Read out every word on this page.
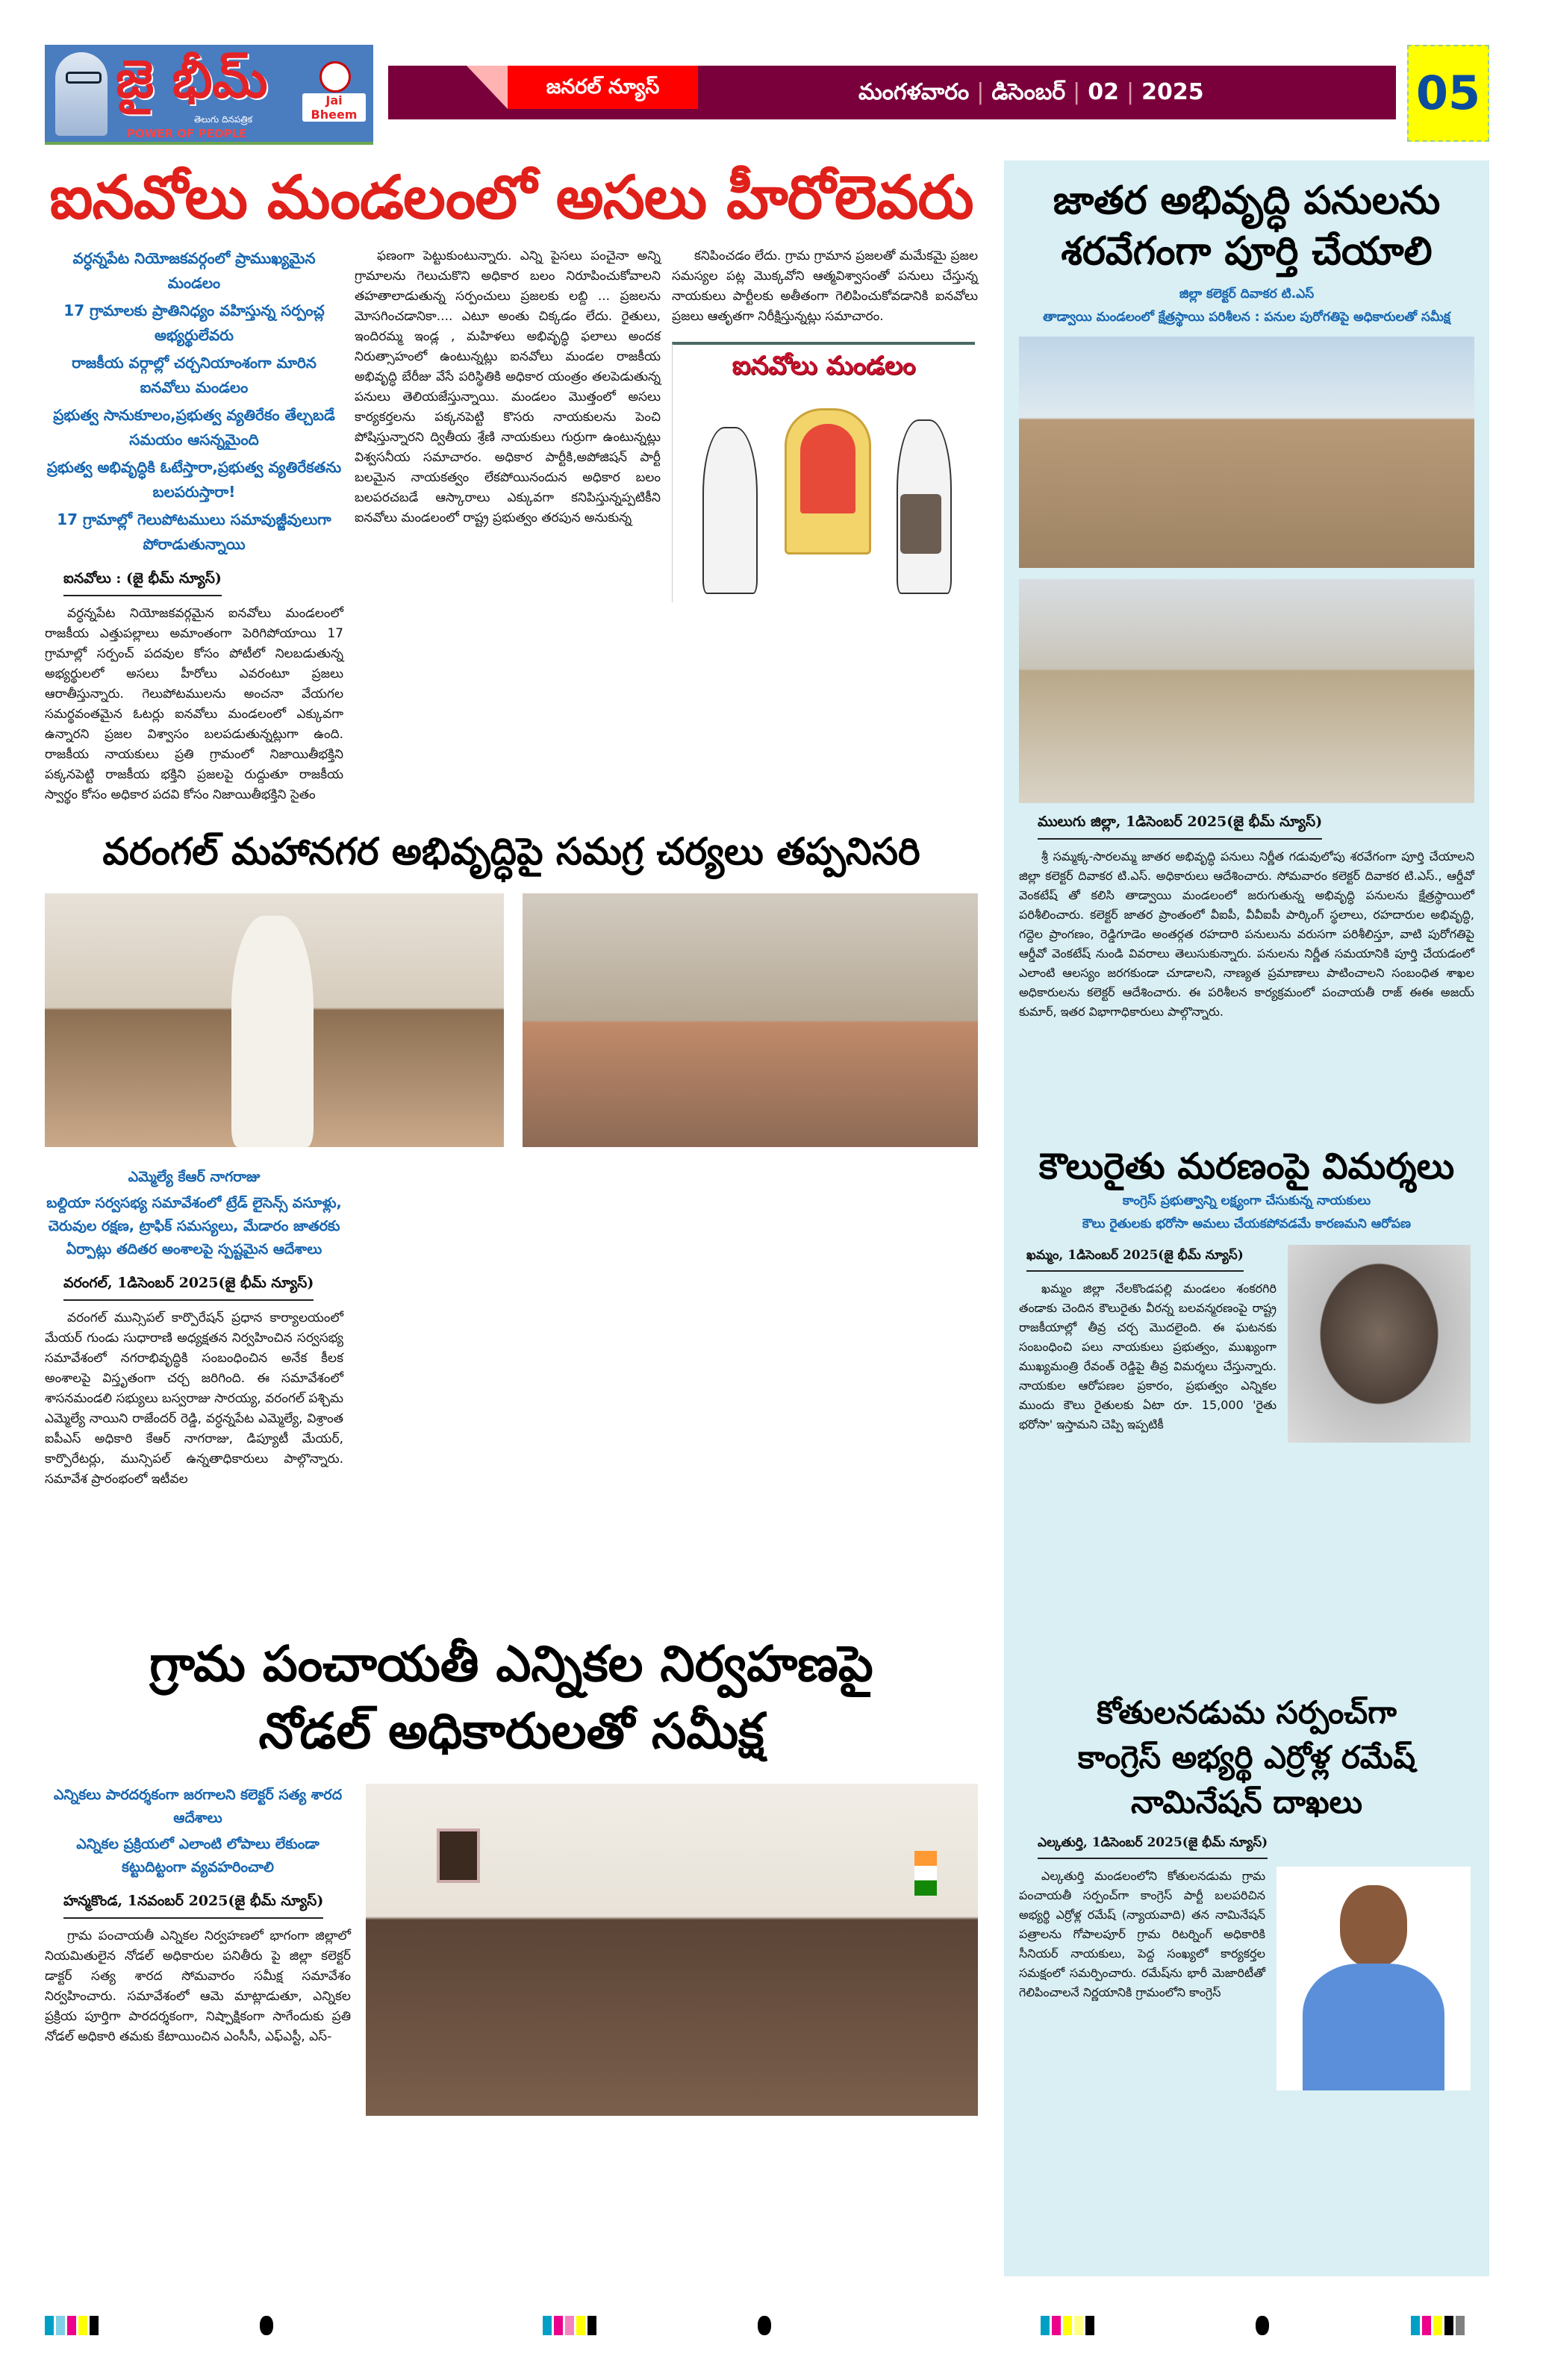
జై భీమ్
తెలుగు దినపత్రిక
POWER OF PEOPLE
Jai Bheem
జనరల్ న్యూస్	మంగళవారం | డిసెంబర్ | 02 | 2025	05
ఐనవోలు మండలంలో అసలు హీరోలెవరు
వర్ధన్నపేట నియోజకవర్గంలో ప్రాముఖ్యమైన మండలం
17 గ్రామాలకు ప్రాతినిధ్యం వహిస్తున్న సర్పంచ్ల అభ్యర్థులేవరు
రాజకీయ వర్గాల్లో చర్చనియాంశంగా మారిన ఐనవోలు మండలం
ప్రభుత్వ సానుకూలం,ప్రభుత్వ వ్యతిరేకం తేల్చబడే సమయం ఆసన్నమైంది
ప్రభుత్వ అభివృద్ధికి ఓటేస్తారా,ప్రభుత్వ వ్యతిరేకతను బలపరుస్తారా!
17 గ్రామాల్లో గెలుపోటములు సమావుజ్జీవులుగా పోరాడుతున్నాయి
ఐనవోలు : (జై భీమ్ న్యూస్)

వర్ధన్నపేట నియోజకవర్గమైన ఐనవోలు మండలంలో రాజకీయ ఎత్తుపల్లాలు అమాంతంగా పెరిగిపోయాయి 17 గ్రామాల్లో సర్పంచ్ పదవుల కోసం పోటీలో నిలబడుతున్న అభ్యర్థులలో అసలు హీరోలు ఎవరంటూ ప్రజలు ఆరాతీస్తున్నారు. గెలుపోటములను అంచనా వేయగల సమర్థవంతమైన ఓటర్లు ఐనవోలు మండలంలో ఎక్కువగా ఉన్నారని ప్రజల విశ్వాసం బలపడుతున్నట్లుగా ఉంది. రాజకీయ నాయకులు ప్రతి గ్రామంలో నిజాయితీభక్తిని పక్కనపెట్టి రాజకీయ భక్తిని ప్రజలపై రుద్దుతూ రాజకీయ స్వార్థం కోసం అధికార పదవి కోసం నిజాయితీభక్తిని సైతం

ఫణంగా పెట్టుకుంటున్నారు. ఎన్ని పైసలు పంచైనా అన్ని గ్రామాలను గెలుచుకొని అధికార బలం నిరూపించుకోవాలని తహతాలాడుతున్న సర్పంచులు ప్రజలకు లబ్ది ... ప్రజలను మోసగించడానికా.... ఎటూ అంతు చిక్కడం లేదు. రైతులు, ఇందిరమ్మ ఇండ్ల , మహిళలు అభివృద్ధి ఫలాలు అందక నిరుత్సాహంలో ఉంటున్నట్లు ఐనవోలు మండల రాజకీయ అభివృద్ధి బేరీజు వేసే పరిస్థితికి అధికార యంత్రం తలపెడుతున్న పనులు తెలియజేస్తున్నాయి. మండలం మొత్తంలో అసలు కార్యకర్తలను పక్కనపెట్టి కొసరు నాయకులను పెంచి పోషిస్తున్నారని ద్వితీయ శ్రేణి నాయకులు గుర్రుగా ఉంటున్నట్లు విశ్వసనీయ సమాచారం. అధికార పార్టీకి,అపోజిషన్ పార్టీ బలమైన నాయకత్వం లేకపోయినందున అధికార బలం బలపరచబడే ఆస్కారాలు ఎక్కువగా కనిపిస్తున్నప్పటికీని ఐనవోలు మండలంలో రాష్ట్ర ప్రభుత్వం తరపున అనుకున్న

కనిపించడం లేదు. గ్రామ గ్రామాన ప్రజలతో మమేకమై ప్రజల సమస్యల పట్ల మొక్కవోని ఆత్మవిశ్వాసంతో పనులు చేస్తున్న నాయకులు పార్టీలకు అతీతంగా గెలిపించుకోవడానికి ఐనవోలు ప్రజలు ఆతృతగా నిరీక్షిస్తున్నట్లు సమాచారం.

ఐనవోలు మండలం
వరంగల్ మహానగర అభివృద్ధిపై సమగ్ర చర్యలు తప్పనిసరి
ఎమ్మెల్యే కేఆర్ నాగరాజు
బల్దియా సర్వసభ్య సమావేశంలో ట్రేడ్ లైసెన్స్ వసూళ్లు, చెరువుల రక్షణ, ట్రాఫిక్ సమస్యలు, మేడారం జాతరకు ఏర్పాట్లు తదితర అంశాలపై స్పష్టమైన ఆదేశాలు
వరంగల్, 1డిసెంబర్ 2025(జై భీమ్ న్యూస్)

వరంగల్ మున్సిపల్ కార్పొరేషన్ ప్రధాన కార్యాలయంలో మేయర్ గుండు సుధారాణి అధ్యక్షతన నిర్వహించిన సర్వసభ్య సమావేశంలో నగరాభివృద్ధికి సంబంధించిన అనేక కీలక అంశాలపై విస్తృతంగా చర్చ జరిగింది. ఈ సమావేశంలో శాసనమండలి సభ్యులు బస్వరాజు సారయ్య, వరంగల్ పశ్చిమ ఎమ్మెల్యే నాయిని రాజేందర్ రెడ్డి, వర్ధన్నపేట ఎమ్మెల్యే, విశ్రాంత ఐపీఎస్ అధికారి కేఆర్ నాగరాజు, డిప్యూటీ మేయర్, కార్పొరేటర్లు, మున్సిపల్ ఉన్నతాధికారులు పాల్గొన్నారు. సమావేశ ప్రారంభంలో ఇటీవల

గ్రామ పంచాయతీ ఎన్నికల నిర్వహణపై
నోడల్ అధికారులతో సమీక్ష
ఎన్నికలు పారదర్శకంగా జరగాలని కలెక్టర్ సత్య శారద ఆదేశాలు
ఎన్నికల ప్రక్రియలో ఎలాంటి లోపాలు లేకుండా కట్టుదిట్టంగా వ్యవహరించాలి
హన్మకొండ, 1నవంబర్ 2025(జై భీమ్ న్యూస్)

గ్రామ పంచాయతీ ఎన్నికల నిర్వహణలో భాగంగా జిల్లాలో నియమితులైన నోడల్ అధికారుల పనితీరు పై జిల్లా కలెక్టర్ డాక్టర్ సత్య శారద సోమవారం సమీక్ష సమావేశం నిర్వహించారు. సమావేశంలో ఆమె మాట్లాడుతూ, ఎన్నికల ప్రక్రియ పూర్తిగా పారదర్శకంగా, నిష్పాక్షికంగా సాగేందుకు ప్రతి నోడల్ అధికారి తమకు కేటాయించిన ఎంసీసీ, ఎఫ్ఎస్టీ, ఎస్-

జాతర అభివృద్ధి పనులను
శరవేగంగా పూర్తి చేయాలి
జిల్లా కలెక్టర్ దివాకర టి.ఎస్
తాడ్వాయి మండలంలో క్షేత్రస్థాయి పరిశీలన : పనుల పురోగతిపై అధికారులతో సమీక్ష
ములుగు జిల్లా, 1డిసెంబర్ 2025(జై భీమ్ న్యూస్)

శ్రీ సమ్మక్క-సారలమ్మ జాతర అభివృద్ధి పనులు నిర్ణీత గడువులోపు శరవేగంగా పూర్తి చేయాలని జిల్లా కలెక్టర్ దివాకర టి.ఎస్. అధికారులు ఆదేశించారు. సోమవారం కలెక్టర్ దివాకర టి.ఎస్., ఆర్డీవో వెంకటేష్ తో కలిసి తాడ్వాయి మండలంలో జరుగుతున్న అభివృద్ధి పనులను క్షేత్రస్థాయిలో పరిశీలించారు. కలెక్టర్ జాతర ప్రాంతంలో వీఐపీ, వీవీఐపీ పార్కింగ్ స్థలాలు, రహదారుల అభివృద్ధి, గద్దెల ప్రాంగణం, రెడ్డిగూడెం అంతర్గత రహదారి పనులును వరుసగా పరిశీలిస్తూ, వాటి పురోగతిపై ఆర్డీవో వెంకటేష్ నుండి వివరాలు తెలుసుకున్నారు. పనులను నిర్ణీత సమయానికి పూర్తి చేయడంలో ఎలాంటి ఆలస్యం జరగకుండా చూడాలని, నాణ్యత ప్రమాణాలు పాటించాలని సంబంధిత శాఖల అధికారులను కలెక్టర్ ఆదేశించారు. ఈ పరిశీలన కార్యక్రమంలో పంచాయతీ రాజ్ ఈఈ అజయ్ కుమార్, ఇతర విభాగాధికారులు పాల్గొన్నారు.

కౌలురైతు మరణంపై విమర్శలు
కాంగ్రెస్ ప్రభుత్వాన్ని లక్ష్యంగా చేసుకున్న నాయకులు
కౌలు రైతులకు భరోసా అమలు చేయకపోవడమే కారణమని ఆరోపణ
ఖమ్మం, 1డిసెంబర్ 2025(జై భీమ్ న్యూస్)

ఖమ్మం జిల్లా నేలకొండపల్లి మండలం శంకరగిరి తండాకు చెందిన కౌలురైతు వీరన్న బలవన్మరణంపై రాష్ట్ర రాజకీయాల్లో తీవ్ర చర్చ మొదలైంది. ఈ ఘటనకు సంబంధించి పలు నాయకులు ప్రభుత్వం, ముఖ్యంగా ముఖ్యమంత్రి రేవంత్ రెడ్డిపై తీవ్ర విమర్శలు చేస్తున్నారు. నాయకుల ఆరోపణల ప్రకారం, ప్రభుత్వం ఎన్నికల ముందు కౌలు రైతులకు ఏటా రూ. 15,000 'రైతు భరోసా' ఇస్తామని చెప్పి ఇప్పటికీ

కోతులనడుమ సర్పంచ్‌గా
కాంగ్రెస్ అభ్యర్థి ఎర్రోళ్ల రమేష్
నామినేషన్ దాఖలు
ఎల్కతుర్తి, 1డిసెంబర్ 2025(జై భీమ్ న్యూస్)

ఎల్కతుర్తి మండలంలోని కోతులనడుమ గ్రామ పంచాయతీ సర్పంచ్‌గా కాంగ్రెస్ పార్టీ బలపరిచిన అభ్యర్థి ఎర్రోళ్ల రమేష్ (న్యాయవాది) తన నామినేషన్ పత్రాలను గోపాలపూర్ గ్రామ రిటర్నింగ్ అధికారికి సీనియర్ నాయకులు, పెద్ద సంఖ్యలో కార్యకర్తల సమక్షంలో సమర్పించారు. రమేష్‌ను భారీ మెజారిటీతో గెలిపించాలనే నిర్ణయానికి గ్రామంలోని కాంగ్రెస్
